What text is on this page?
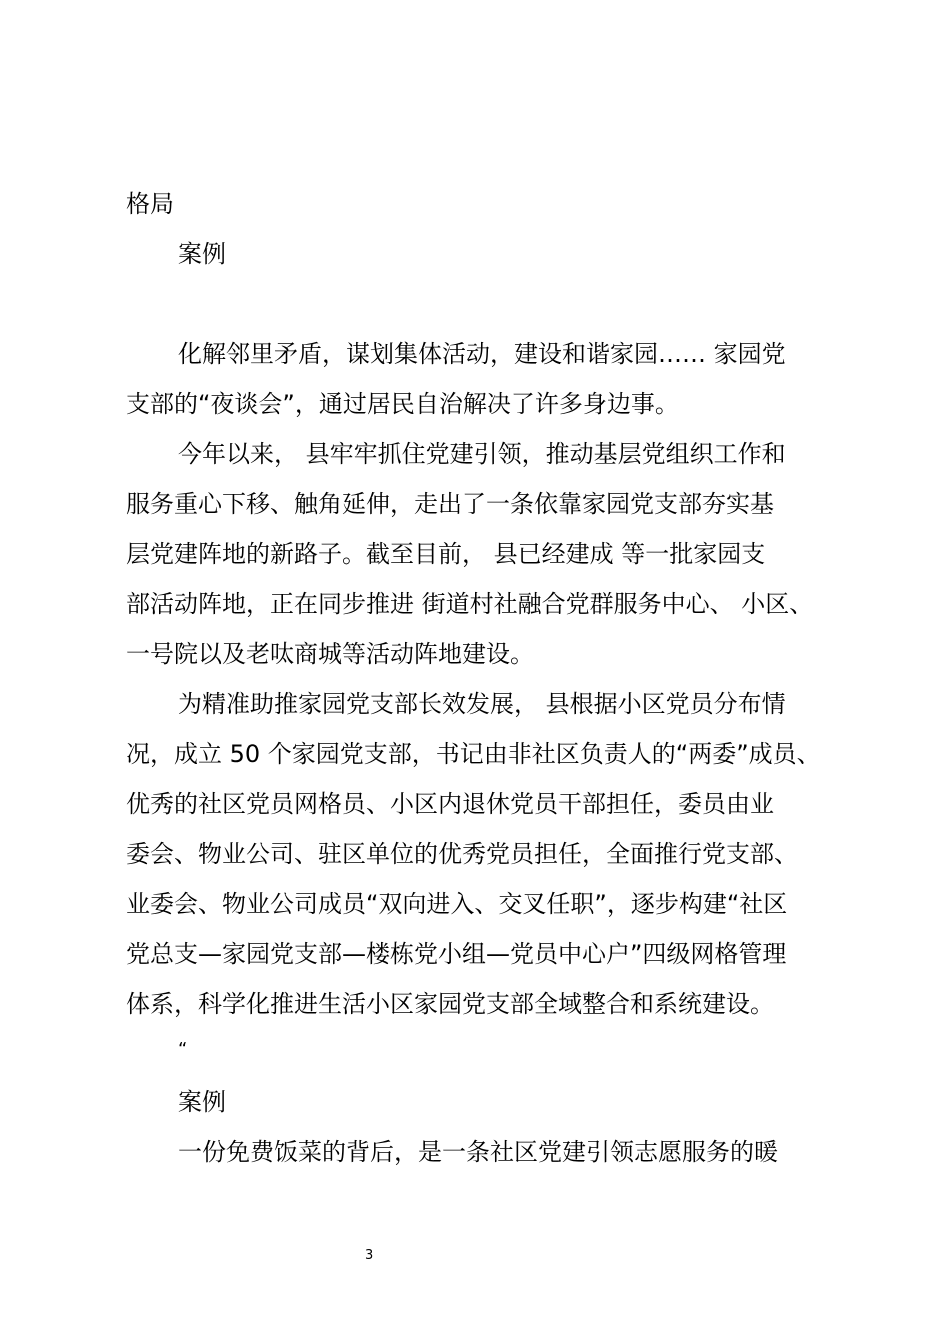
格局

案例

化解邻里矛盾，谋划集体活动，建设和谐家园…… 家园党

支部的“夜谈会”，通过居民自治解决了许多身边事。

今年以来， 县牢牢抓住党建引领，推动基层党组织工作和

服务重心下移、触角延伸，走出了一条依靠家园党支部夯实基

层党建阵地的新路子。截至目前， 县已经建成 等一批家园支

部活动阵地，正在同步推进 街道村社融合党群服务中心、 小区、

一号院以及老呔商城等活动阵地建设。

为精准助推家园党支部长效发展， 县根据小区党员分布情

况，成立 50 个家园党支部，书记由非社区负责人的“两委”成员、

优秀的社区党员网格员、小区内退休党员干部担任，委员由业

委会、物业公司、驻区单位的优秀党员担任，全面推行党支部、

业委会、物业公司成员“双向进入、交叉任职”，逐步构建“社区

党总支—家园党支部—楼栋党小组—党员中心户”四级网格管理

体系，科学化推进生活小区家园党支部全域整合和系统建设。

“

案例

一份免费饭菜的背后，是一条社区党建引领志愿服务的暖

3
